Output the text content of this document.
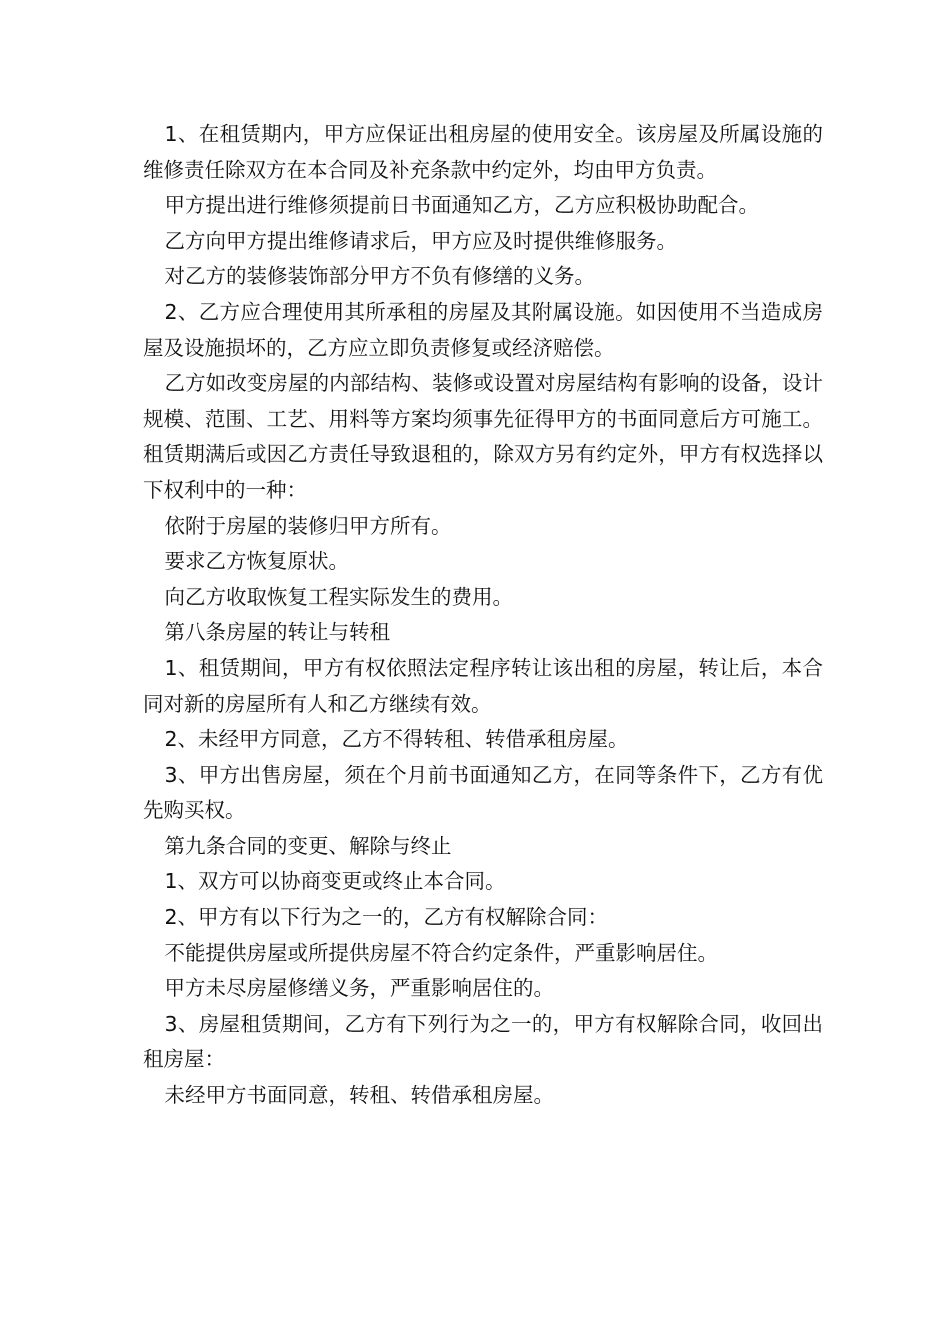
1、在租赁期内，甲方应保证出租房屋的使用安全。该房屋及所属设施的维修责任除双方在本合同及补充条款中约定外，均由甲方负责。

甲方提出进行维修须提前日书面通知乙方，乙方应积极协助配合。

乙方向甲方提出维修请求后，甲方应及时提供维修服务。

对乙方的装修装饰部分甲方不负有修缮的义务。

2、乙方应合理使用其所承租的房屋及其附属设施。如因使用不当造成房屋及设施损坏的，乙方应立即负责修复或经济赔偿。

乙方如改变房屋的内部结构、装修或设置对房屋结构有影响的设备，设计规模、范围、工艺、用料等方案均须事先征得甲方的书面同意后方可施工。租赁期满后或因乙方责任导致退租的，除双方另有约定外，甲方有权选择以下权利中的一种：

依附于房屋的装修归甲方所有。

要求乙方恢复原状。

向乙方收取恢复工程实际发生的费用。

第八条房屋的转让与转租

1、租赁期间，甲方有权依照法定程序转让该出租的房屋，转让后，本合同对新的房屋所有人和乙方继续有效。

2、未经甲方同意，乙方不得转租、转借承租房屋。

3、甲方出售房屋，须在个月前书面通知乙方，在同等条件下，乙方有优先购买权。

第九条合同的变更、解除与终止

1、双方可以协商变更或终止本合同。

2、甲方有以下行为之一的，乙方有权解除合同：

不能提供房屋或所提供房屋不符合约定条件，严重影响居住。

甲方未尽房屋修缮义务，严重影响居住的。

3、房屋租赁期间，乙方有下列行为之一的，甲方有权解除合同，收回出租房屋：

未经甲方书面同意，转租、转借承租房屋。
